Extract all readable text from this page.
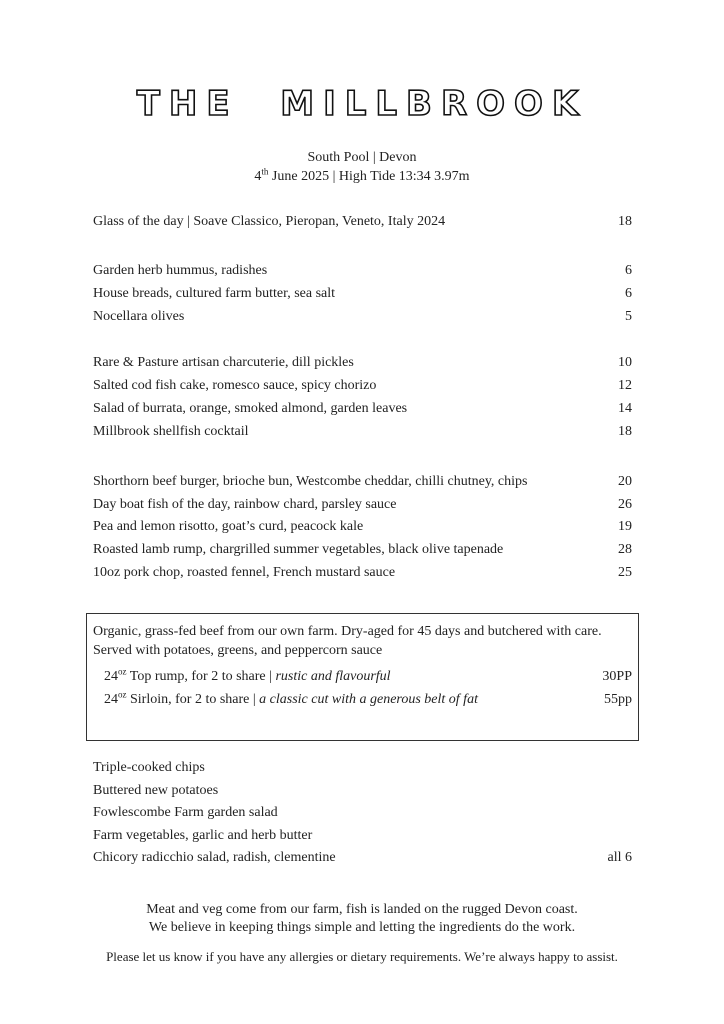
THE  MILLBROOK
South Pool | Devon
4th June 2025 | High Tide 13:34 3.97m
Glass of the day | Soave Classico, Pieropan, Veneto, Italy 2024	18
Garden herb hummus, radishes	6
House breads, cultured farm butter, sea salt	6
Nocellara olives	5
Rare & Pasture artisan charcuterie, dill pickles	10
Salted cod fish cake, romesco sauce, spicy chorizo	12
Salad of burrata, orange, smoked almond, garden leaves	14
Millbrook shellfish cocktail	18
Shorthorn beef burger, brioche bun, Westcombe cheddar, chilli chutney, chips	20
Day boat fish of the day, rainbow chard, parsley sauce	26
Pea and lemon risotto, goat’s curd, peacock kale	19
Roasted lamb rump, chargrilled summer vegetables, black olive tapenade	28
10oz pork chop, roasted fennel, French mustard sauce	25
Organic, grass-fed beef from our own farm. Dry-aged for 45 days and butchered with care.
Served with potatoes, greens, and peppercorn sauce
$24^{oz}$ Top rump, for 2 to share | rustic and flavourful	30PP
$24^{oz}$ Sirloin, for 2 to share | a classic cut with a generous belt of fat	55pp
Triple-cooked chips
Buttered new potatoes
Fowlescombe Farm garden salad
Farm vegetables, garlic and herb butter
Chicory radicchio salad, radish, clementine	all 6
Meat and veg come from our farm, fish is landed on the rugged Devon coast.
We believe in keeping things simple and letting the ingredients do the work.
Please let us know if you have any allergies or dietary requirements. We’re always happy to assist.
